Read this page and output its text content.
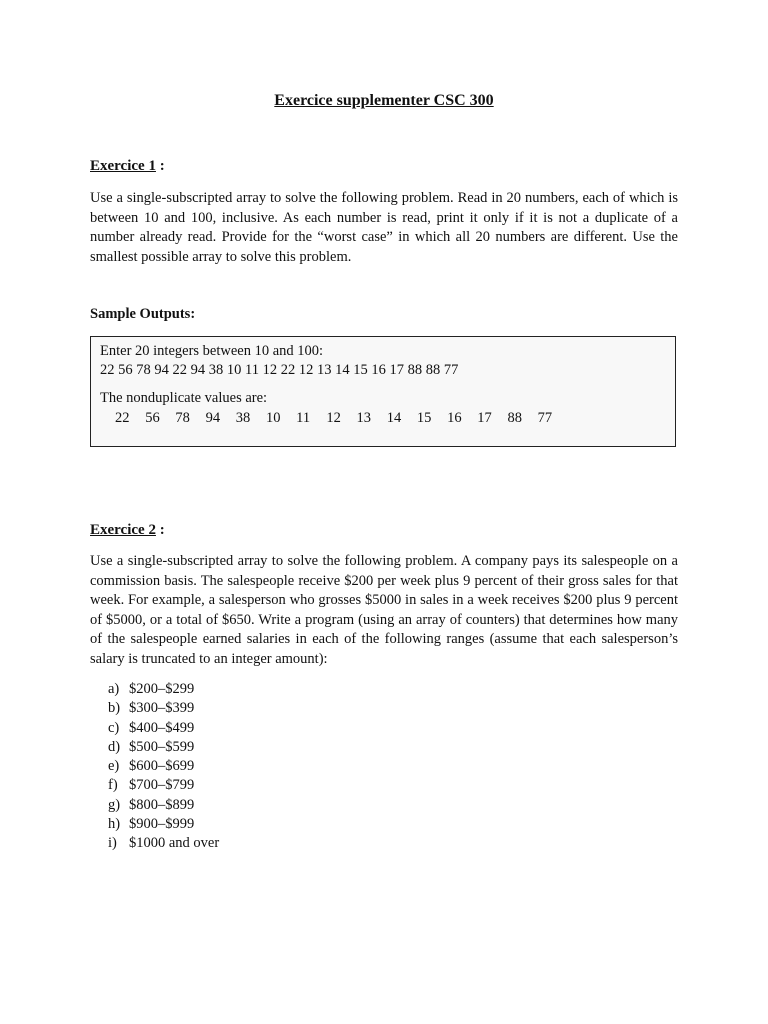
Exercice supplementer CSC 300
Exercice 1 :

Use a single-subscripted array to solve the following problem. Read in 20 numbers, each of which is between 10 and 100, inclusive. As each number is read, print it only if it is not a duplicate of a number already read. Provide for the “worst case” in which all 20 numbers are different. Use the smallest possible array to solve this problem.

Sample Outputs:
Enter 20 integers between 10 and 100:
22 56 78 94 22 94 38 10 11 12 22 12 13 14 15 16 17 88 88 77
The nonduplicate values are:
22 56 78 94 38 10 11 12 13 14 15 16 17 88 77
Exercice 2 :

Use a single-subscripted array to solve the following problem. A company pays its salespeople on a commission basis. The salespeople receive $200 per week plus 9 percent of their gross sales for that week. For example, a salesperson who grosses $5000 in sales in a week receives $200 plus 9 percent of $5000, or a total of $650. Write a program (using an array of counters) that determines how many of the salespeople earned salaries in each of the following ranges (assume that each salesperson’s salary is truncated to an integer amount):

a) $200–$299
b) $300–$399
c) $400–$499
d) $500–$599
e) $600–$699
f) $700–$799
g) $800–$899
h) $900–$999
i) $1000 and over
